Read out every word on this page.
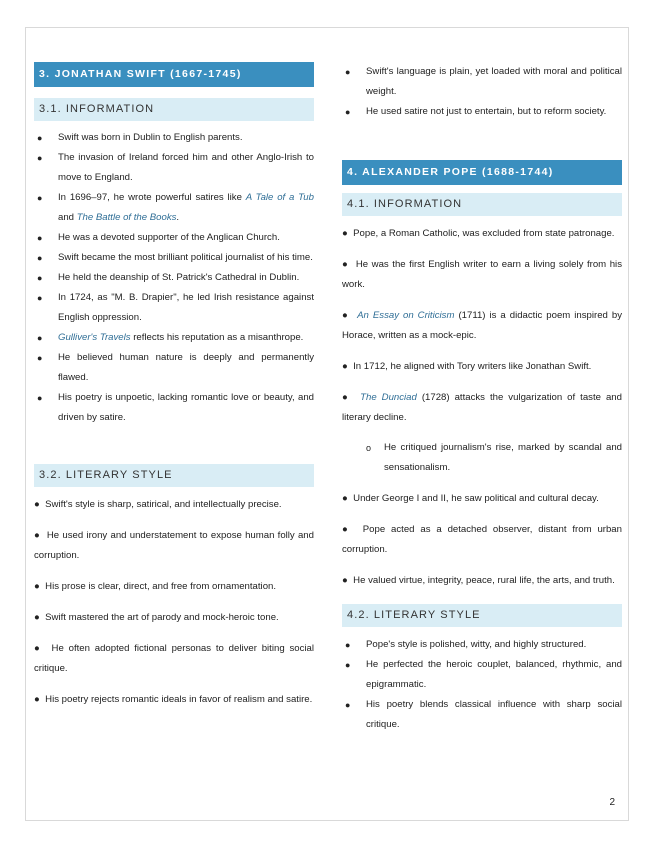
3. JONATHAN SWIFT (1667-1745)
3.1. INFORMATION
● Swift was born in Dublin to English parents.
● The invasion of Ireland forced him and other Anglo-Irish to move to England.
● In 1696–97, he wrote powerful satires like A Tale of a Tub and The Battle of the Books.
● He was a devoted supporter of the Anglican Church.
● Swift became the most brilliant political journalist of his time.
● He held the deanship of St. Patrick's Cathedral in Dublin.
● In 1724, as "M. B. Drapier", he led Irish resistance against English oppression.
● Gulliver's Travels reflects his reputation as a misanthrope.
● He believed human nature is deeply and permanently flawed.
● His poetry is unpoetic, lacking romantic love or beauty, and driven by satire.
3.2. LITERARY STYLE

●  Swift's style is sharp, satirical, and intellectually precise.

●  He used irony and understatement to expose human folly and corruption.

●  His prose is clear, direct, and free from ornamentation.

●  Swift mastered the art of parody and mock-heroic tone.

●  He often adopted fictional personas to deliver biting social critique.

●  His poetry rejects romantic ideals in favor of realism and satire.

● Swift's language is plain, yet loaded with moral and political weight.
● He used satire not just to entertain, but to reform society.
4. ALEXANDER POPE (1688-1744)
4.1. INFORMATION

●  Pope, a Roman Catholic, was excluded from state patronage.

●  He was the first English writer to earn a living solely from his work.

●  An Essay on Criticism (1711) is a didactic poem inspired by Horace, written as a mock-epic.

●  In 1712, he aligned with Tory writers like Jonathan Swift.

●  The Dunciad (1728) attacks the vulgarization of taste and literary decline.

o He critiqued journalism's rise, marked by scandal and sensationalism.

●  Under George I and II, he saw political and cultural decay.

●  Pope acted as a detached observer, distant from urban corruption.

●  He valued virtue, integrity, peace, rural life, the arts, and truth.

4.2. LITERARY STYLE
● Pope's style is polished, witty, and highly structured.
● He perfected the heroic couplet, balanced, rhythmic, and epigrammatic.
● His poetry blends classical influence with sharp social critique.
2
